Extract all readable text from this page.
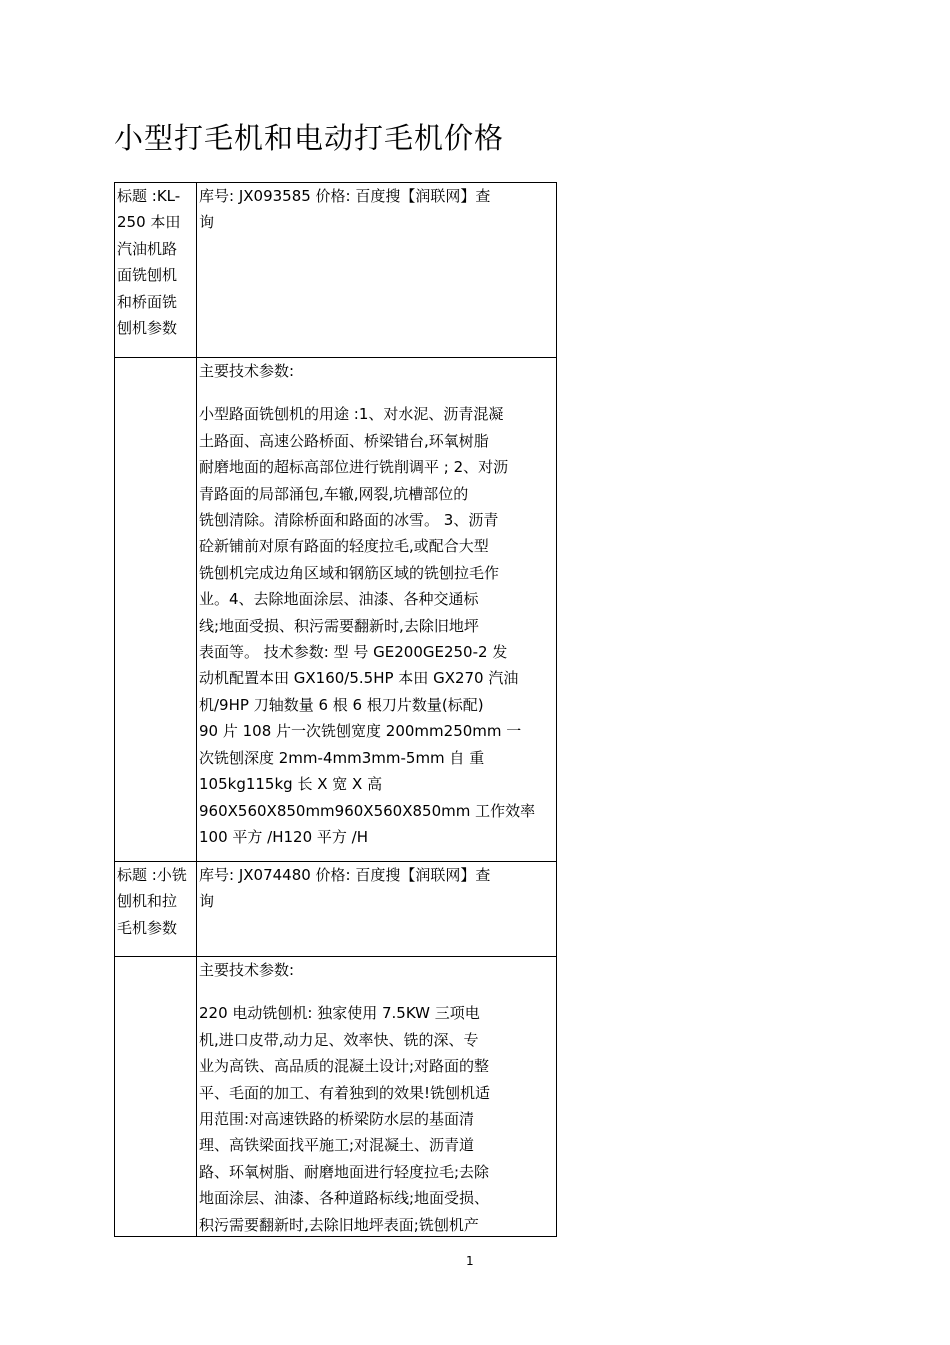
小型打毛机和电动打毛机价格
标题 :KL-
250 本田
汽油机路
面铣刨机
和桥面铣
刨机参数
库号: JX093585 价格: 百度搜【润联网】查
询
主要技术参数:
小型路面铣刨机的用途 :1、对水泥、沥青混凝
土路面、高速公路桥面、桥梁错台,环氧树脂
耐磨地面的超标高部位进行铣削调平 ; 2、对沥
青路面的局部涌包,车辙,网裂,坑槽部位的
铣刨清除。清除桥面和路面的冰雪。 3、沥青
砼新铺前对原有路面的轻度拉毛,或配合大型
铣刨机完成边角区域和钢筋区域的铣刨拉毛作
业。4、去除地面涂层、油漆、各种交通标
线;地面受损、积污需要翻新时,去除旧地坪
表面等。 技术参数: 型 号 GE200GE250-2 发
动机配置本田 GX160/5.5HP 本田 GX270 汽油
机/9HP 刀轴数量 6 根 6 根刀片数量(标配)
90 片 108 片一次铣刨宽度 200mm250mm 一
次铣刨深度 2mm-4mm3mm-5mm 自 重
105kg115kg 长 X 宽 X 高
960X560X850mm960X560X850mm 工作效率
100 平方 /H120 平方 /H
标题 :小铣
刨机和拉
毛机参数
库号: JX074480 价格: 百度搜【润联网】查
询
主要技术参数:
220 电动铣刨机: 独家使用 7.5KW 三项电
机,进口皮带,动力足、效率快、铣的深、专
业为高铁、高品质的混凝土设计;对路面的整
平、毛面的加工、有着独到的效果!铣刨机适
用范围:对高速铁路的桥梁防水层的基面清
理、高铁梁面找平施工;对混凝土、沥青道
路、环氧树脂、耐磨地面进行轻度拉毛;去除
地面涂层、油漆、各种道路标线;地面受损、
积污需要翻新时,去除旧地坪表面;铣刨机产
1
